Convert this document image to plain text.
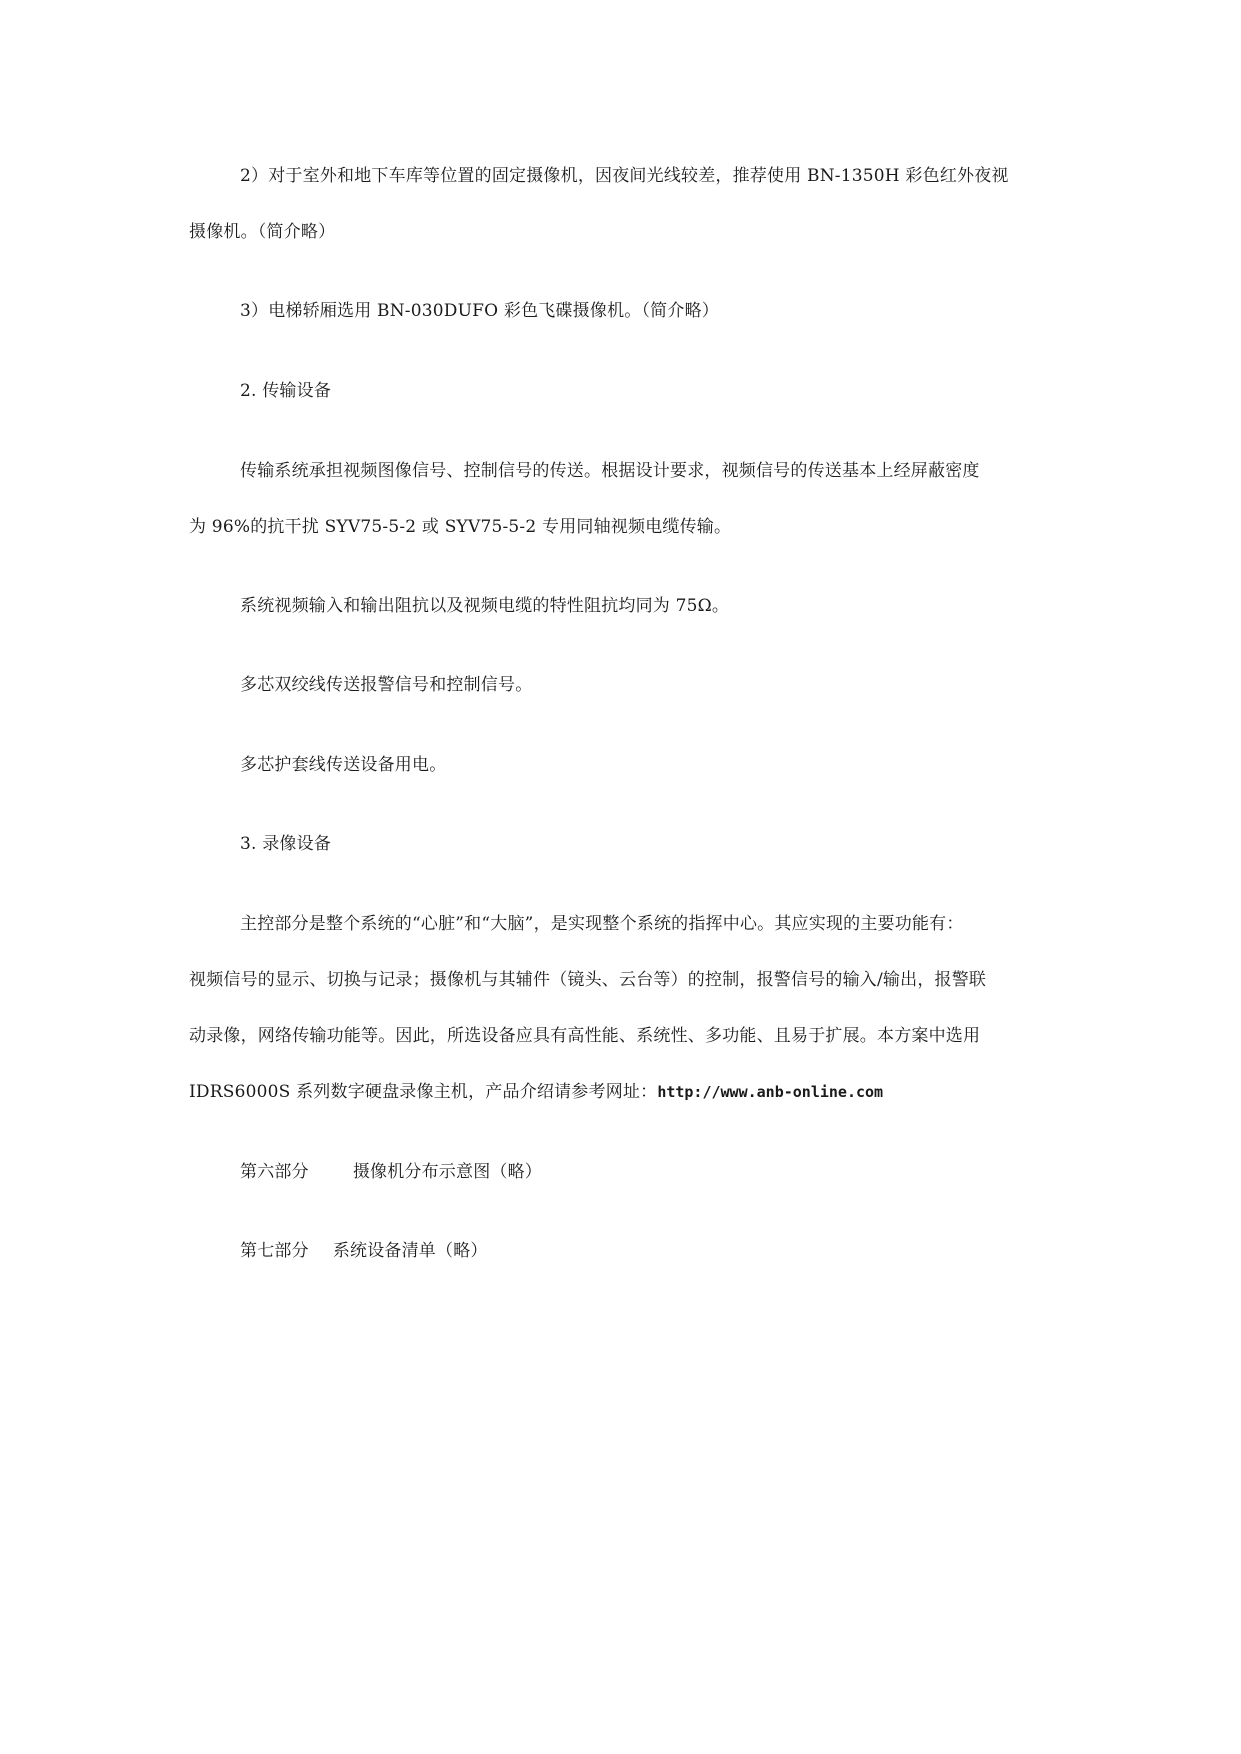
2）对于室外和地下车库等位置的固定摄像机，因夜间光线较差，推荐使用 BN-1350H 彩色红外夜视

摄像机。（简介略）

3）电梯轿厢选用 BN-030DUFO 彩色飞碟摄像机。（简介略）

2. 传输设备

传输系统承担视频图像信号、控制信号的传送。根据设计要求，视频信号的传送基本上经屏蔽密度

为 96%的抗干扰 SYV75-5-2 或 SYV75-5-2 专用同轴视频电缆传输。

系统视频输入和输出阻抗以及视频电缆的特性阻抗均同为 75Ω。

多芯双绞线传送报警信号和控制信号。

多芯护套线传送设备用电。

3. 录像设备

主控部分是整个系统的“心脏”和“大脑”，是实现整个系统的指挥中心。其应实现的主要功能有：

视频信号的显示、切换与记录；摄像机与其辅件（镜头、云台等）的控制，报警信号的输入/输出，报警联

动录像，网络传输功能等。因此，所选设备应具有高性能、系统性、多功能、且易于扩展。本方案中选用

IDRS6000S 系列数字硬盘录像主机，产品介绍请参考网址：http://www.anb-online.com

第六部分	摄像机分布示意图（略）

第七部分 系统设备清单（略）
